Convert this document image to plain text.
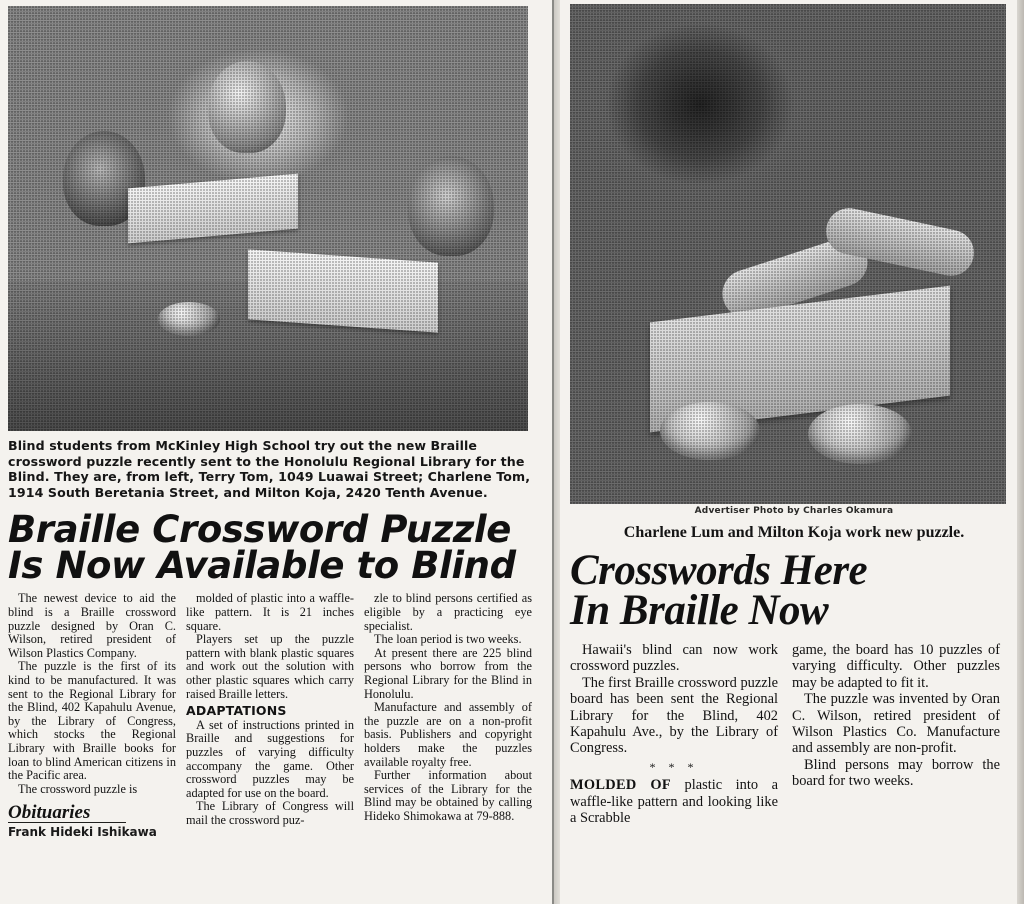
Blind students from McKinley High School try out the new Braille crossword puzzle recently sent to the Honolulu Regional Library for the Blind. They are, from left, Terry Tom, 1049 Luawai Street; Charlene Tom, 1914 South Beretania Street, and Milton Koja, 2420 Tenth Avenue.

Braille Crossword Puzzle
Is Now Available to Blind

The newest device to aid the blind is a Braille crossword puzzle designed by Oran C. Wilson, retired president of Wilson Plastics Company.

The puzzle is the first of its kind to be manufactured. It was sent to the Regional Library for the Blind, 402 Kapahulu Avenue, by the Library of Congress, which stocks the Regional Library with Braille books for loan to blind American citizens in the Pacific area.

The crossword puzzle is

Obituaries
Frank Hideki Ishikawa

molded of plastic into a waffle-like pattern. It is 21 inches square.

Players set up the puzzle pattern with blank plastic squares and work out the solution with other plastic squares which carry raised Braille letters.

ADAPTATIONS

A set of instructions printed in Braille and suggestions for puzzles of varying difficulty accompany the game. Other crossword puzzles may be adapted for use on the board.

The Library of Congress will mail the crossword puz-

zle to blind persons certified as eligible by a practicing eye specialist.

The loan period is two weeks.

At present there are 225 blind persons who borrow from the Regional Library for the Blind in Honolulu.

Manufacture and assembly of the puzzle are on a non-profit basis. Publishers and copyright holders make the puzzles available royalty free.

Further information about services of the Library for the Blind may be obtained by calling Hideko Shimokawa at 79-888.

Advertiser Photo by Charles Okamura
Charlene Lum and Milton Koja work new puzzle.
Crosswords Here
In Braille Now

Hawaii's blind can now work crossword puzzles.

The first Braille crossword puzzle board has been sent the Regional Library for the Blind, 402 Kapahulu Ave., by the Library of Congress.

* * *

MOLDED OF plastic into a waffle-like pattern and looking like a Scrabble

game, the board has 10 puzzles of varying difficulty. Other puzzles may be adapted to fit it.

The puzzle was invented by Oran C. Wilson, retired president of Wilson Plastics Co. Manufacture and assembly are non-profit.

Blind persons may borrow the board for two weeks.
